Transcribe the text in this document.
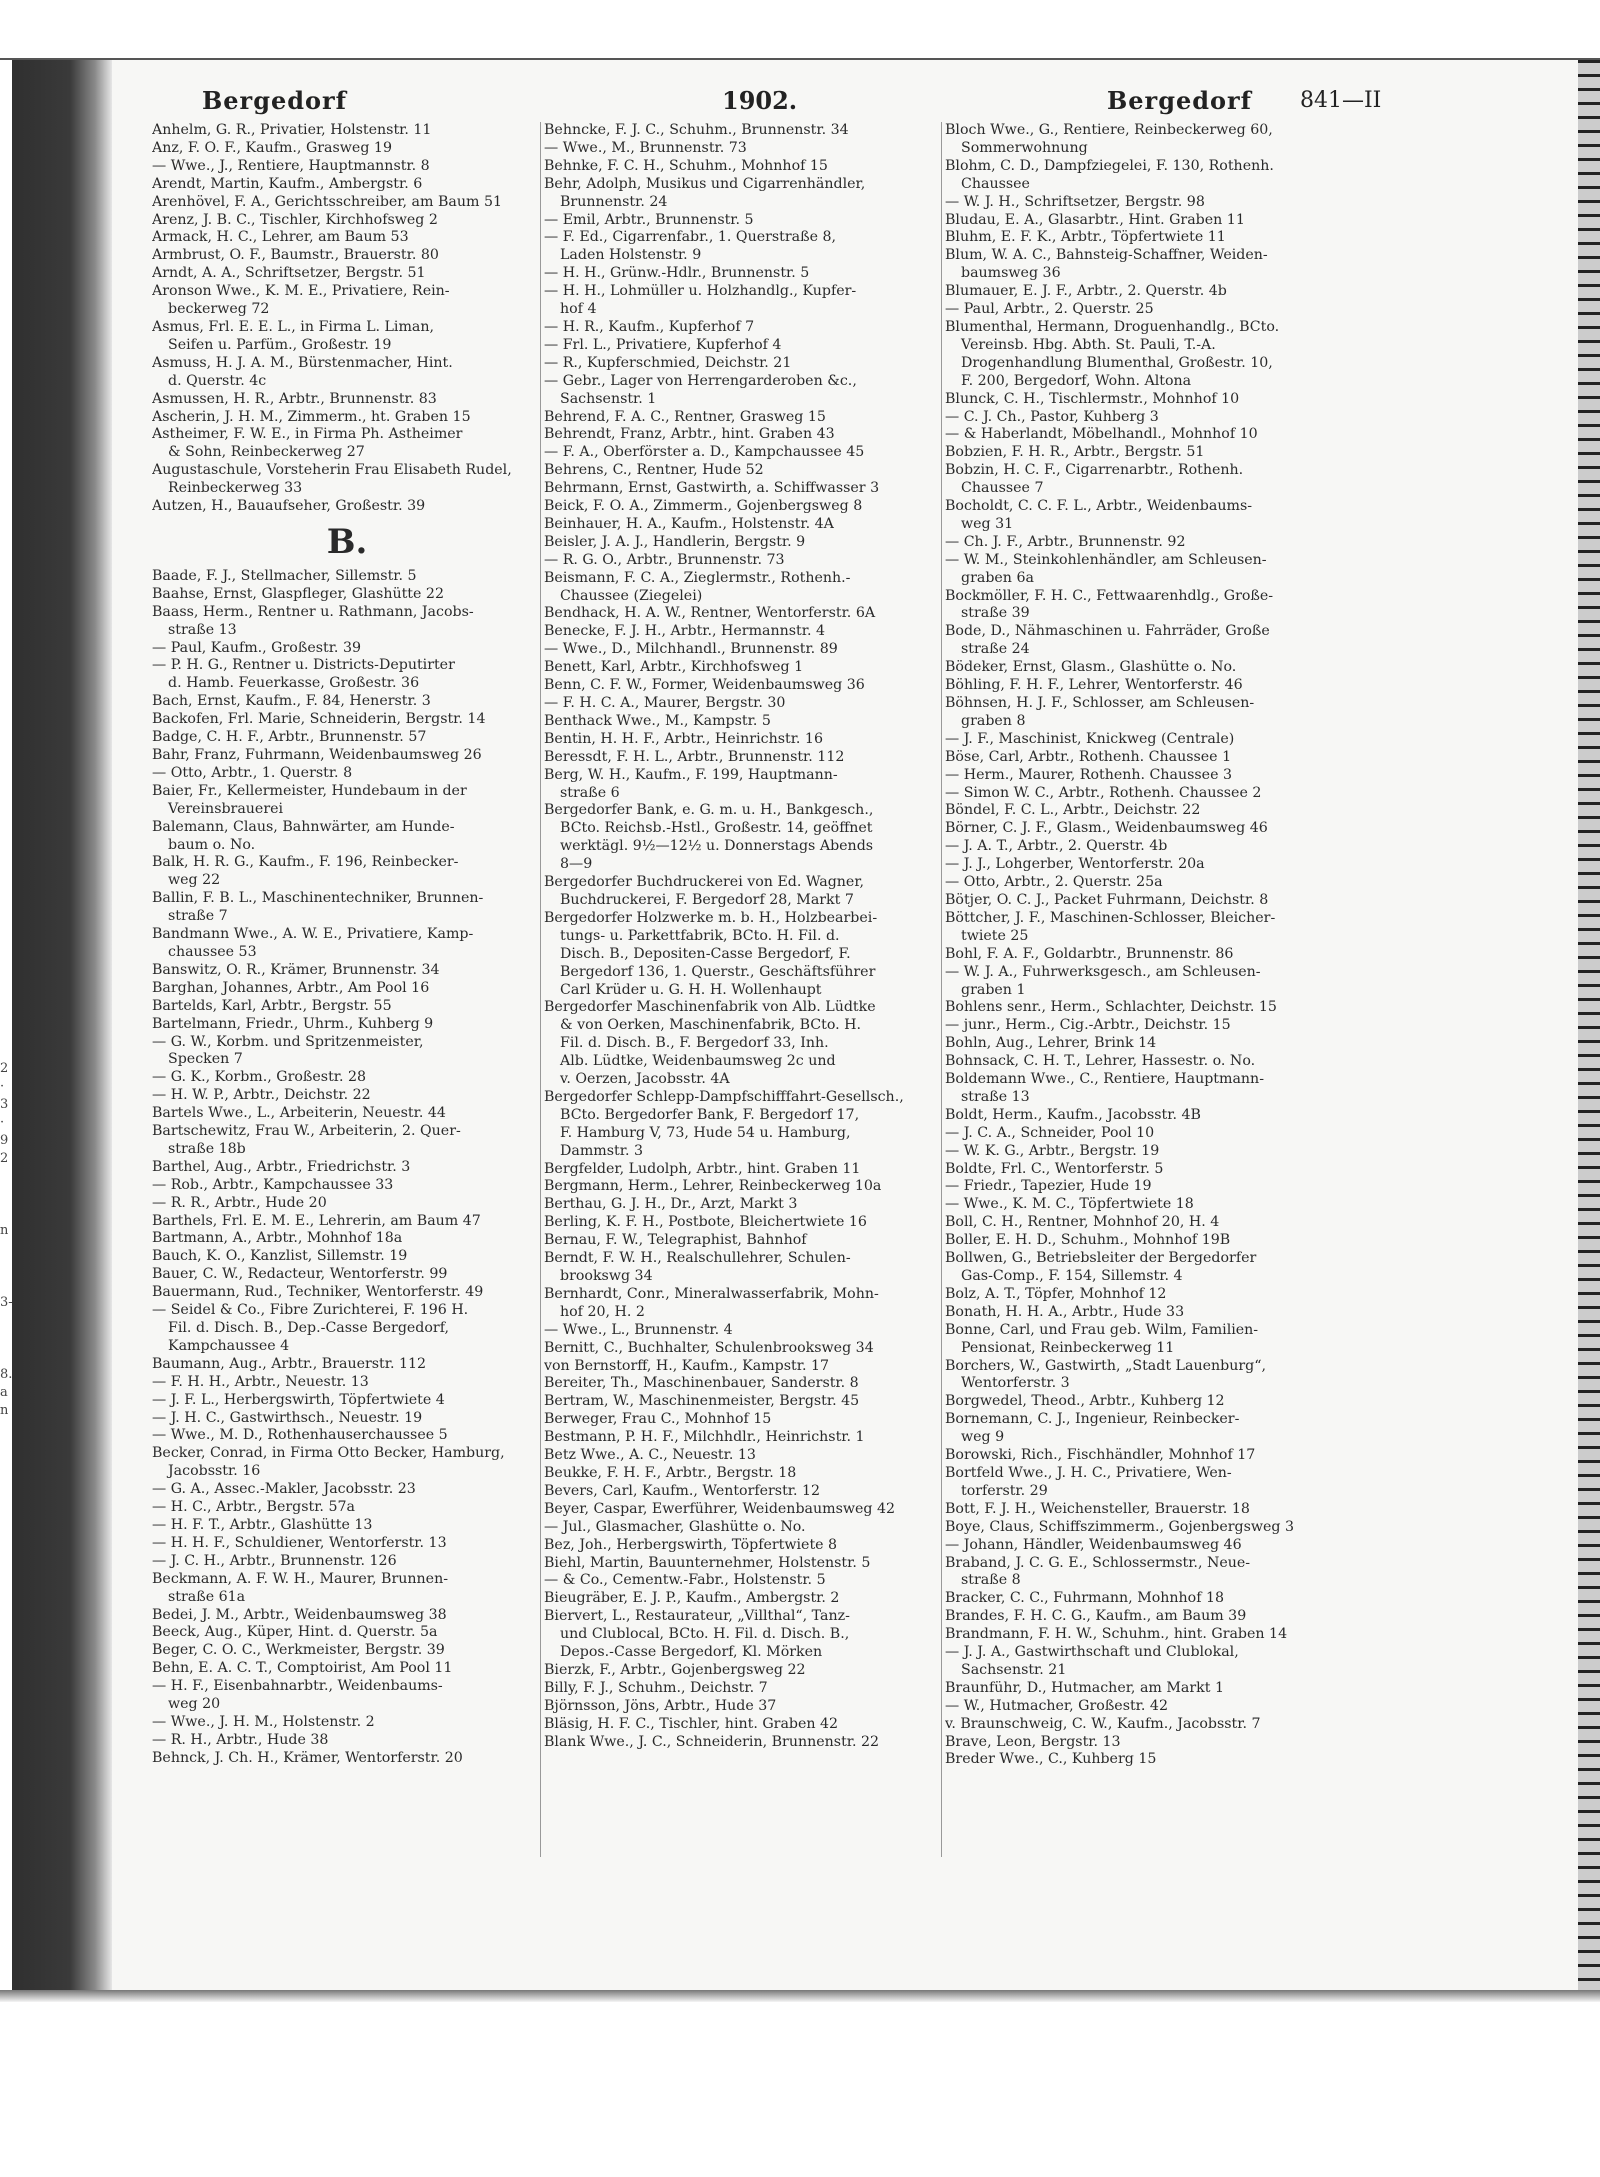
Bergedorf	1902.	Bergedorf 841—II
Anhelm, G. R., Privatier, Holstenstr. 11
Anz, F. O. F., Kaufm., Grasweg 19
— Wwe., J., Rentiere, Hauptmannstr. 8
Arendt, Martin, Kaufm., Ambergstr. 6
Arenhövel, F. A., Gerichtsschreiber, am Baum 51
Arenz, J. B. C., Tischler, Kirchhofsweg 2
Armack, H. C., Lehrer, am Baum 53
Armbrust, O. F., Baumstr., Brauerstr. 80
Arndt, A. A., Schriftsetzer, Bergstr. 51
Aronson Wwe., K. M. E., Privatiere, Rein-
beckerweg 72
Asmus, Frl. E. E. L., in Firma L. Liman,
Seifen u. Parfüm., Großestr. 19
Asmuss, H. J. A. M., Bürstenmacher, Hint.
d. Querstr. 4c
Asmussen, H. R., Arbtr., Brunnenstr. 83
Ascherin, J. H. M., Zimmerm., ht. Graben 15
Astheimer, F. W. E., in Firma Ph. Astheimer
& Sohn, Reinbeckerweg 27
Augustaschule, Vorsteherin Frau Elisabeth Rudel,
Reinbeckerweg 33
Autzen, H., Bauaufseher, Großestr. 39
B.
Baade, F. J., Stellmacher, Sillemstr. 5
Baahse, Ernst, Glaspfleger, Glashütte 22
Baass, Herm., Rentner u. Rathmann, Jacobs-
straße 13
— Paul, Kaufm., Großestr. 39
— P. H. G., Rentner u. Districts-Deputirter
d. Hamb. Feuerkasse, Großestr. 36
Bach, Ernst, Kaufm., F. 84, Henerstr. 3
Backofen, Frl. Marie, Schneiderin, Bergstr. 14
Badge, C. H. F., Arbtr., Brunnenstr. 57
Bahr, Franz, Fuhrmann, Weidenbaumsweg 26
— Otto, Arbtr., 1. Querstr. 8
Baier, Fr., Kellermeister, Hundebaum in der
Vereinsbrauerei
Balemann, Claus, Bahnwärter, am Hunde-
baum o. No.
Balk, H. R. G., Kaufm., F. 196, Reinbecker-
weg 22
Ballin, F. B. L., Maschinentechniker, Brunnen-
straße 7
Bandmann Wwe., A. W. E., Privatiere, Kamp-
chaussee 53
Banswitz, O. R., Krämer, Brunnenstr. 34
Barghan, Johannes, Arbtr., Am Pool 16
Bartelds, Karl, Arbtr., Bergstr. 55
Bartelmann, Friedr., Uhrm., Kuhberg 9
— G. W., Korbm. und Spritzenmeister,
Specken 7
— G. K., Korbm., Großestr. 28
— H. W. P., Arbtr., Deichstr. 22
Bartels Wwe., L., Arbeiterin, Neuestr. 44
Bartschewitz, Frau W., Arbeiterin, 2. Quer-
straße 18b
Barthel, Aug., Arbtr., Friedrichstr. 3
— Rob., Arbtr., Kampchaussee 33
— R. R., Arbtr., Hude 20
Barthels, Frl. E. M. E., Lehrerin, am Baum 47
Bartmann, A., Arbtr., Mohnhof 18a
Bauch, K. O., Kanzlist, Sillemstr. 19
Bauer, C. W., Redacteur, Wentorferstr. 99
Bauermann, Rud., Techniker, Wentorferstr. 49
— Seidel & Co., Fibre Zurichterei, F. 196 H.
Fil. d. Disch. B., Dep.-Casse Bergedorf,
Kampchaussee 4
Baumann, Aug., Arbtr., Brauerstr. 112
— F. H. H., Arbtr., Neuestr. 13
— J. F. L., Herbergswirth, Töpfertwiete 4
— J. H. C., Gastwirthsch., Neuestr. 19
— Wwe., M. D., Rothenhauserchaussee 5
Becker, Conrad, in Firma Otto Becker, Hamburg,
Jacobsstr. 16
— G. A., Assec.-Makler, Jacobsstr. 23
— H. C., Arbtr., Bergstr. 57a
— H. F. T., Arbtr., Glashütte 13
— H. H. F., Schuldiener, Wentorferstr. 13
— J. C. H., Arbtr., Brunnenstr. 126
Beckmann, A. F. W. H., Maurer, Brunnen-
straße 61a
Bedei, J. M., Arbtr., Weidenbaumsweg 38
Beeck, Aug., Küper, Hint. d. Querstr. 5a
Beger, C. O. C., Werkmeister, Bergstr. 39
Behn, E. A. C. T., Comptoirist, Am Pool 11
— H. F., Eisenbahnarbtr., Weidenbaums-
weg 20
— Wwe., J. H. M., Holstenstr. 2
— R. H., Arbtr., Hude 38
Behnck, J. Ch. H., Krämer, Wentorferstr. 20
Behncke, F. J. C., Schuhm., Brunnenstr. 34
— Wwe., M., Brunnenstr. 73
Behnke, F. C. H., Schuhm., Mohnhof 15
Behr, Adolph, Musikus und Cigarrenhändler,
Brunnenstr. 24
— Emil, Arbtr., Brunnenstr. 5
— F. Ed., Cigarrenfabr., 1. Querstraße 8,
Laden Holstenstr. 9
— H. H., Grünw.-Hdlr., Brunnenstr. 5
— H. H., Lohmüller u. Holzhandlg., Kupfer-
hof 4
— H. R., Kaufm., Kupferhof 7
— Frl. L., Privatiere, Kupferhof 4
— R., Kupferschmied, Deichstr. 21
— Gebr., Lager von Herrengarderoben &c.,
Sachsenstr. 1
Behrend, F. A. C., Rentner, Grasweg 15
Behrendt, Franz, Arbtr., hint. Graben 43
— F. A., Oberförster a. D., Kampchaussee 45
Behrens, C., Rentner, Hude 52
Behrmann, Ernst, Gastwirth, a. Schiffwasser 3
Beick, F. O. A., Zimmerm., Gojenbergsweg 8
Beinhauer, H. A., Kaufm., Holstenstr. 4A
Beisler, J. A. J., Handlerin, Bergstr. 9
— R. G. O., Arbtr., Brunnenstr. 73
Beismann, F. C. A., Zieglermstr., Rothenh.-
Chaussee (Ziegelei)
Bendhack, H. A. W., Rentner, Wentorferstr. 6A
Benecke, F. J. H., Arbtr., Hermannstr. 4
— Wwe., D., Milchhandl., Brunnenstr. 89
Benett, Karl, Arbtr., Kirchhofsweg 1
Benn, C. F. W., Former, Weidenbaumsweg 36
— F. H. C. A., Maurer, Bergstr. 30
Benthack Wwe., M., Kampstr. 5
Bentin, H. H. F., Arbtr., Heinrichstr. 16
Beressdt, F. H. L., Arbtr., Brunnenstr. 112
Berg, W. H., Kaufm., F. 199, Hauptmann-
straße 6
Bergedorfer Bank, e. G. m. u. H., Bankgesch.,
BCto. Reichsb.-Hstl., Großestr. 14, geöffnet
werktägl. 9½—12½ u. Donnerstags Abends
8—9
Bergedorfer Buchdruckerei von Ed. Wagner,
Buchdruckerei, F. Bergedorf 28, Markt 7
Bergedorfer Holzwerke m. b. H., Holzbearbei-
tungs- u. Parkettfabrik, BCto. H. Fil. d.
Disch. B., Depositen-Casse Bergedorf, F.
Bergedorf 136, 1. Querstr., Geschäftsführer
Carl Krüder u. G. H. H. Wollenhaupt
Bergedorfer Maschinenfabrik von Alb. Lüdtke
& von Oerken, Maschinenfabrik, BCto. H.
Fil. d. Disch. B., F. Bergedorf 33, Inh.
Alb. Lüdtke, Weidenbaumsweg 2c und
v. Oerzen, Jacobsstr. 4A
Bergedorfer Schlepp-Dampfschifffahrt-Gesellsch.,
BCto. Bergedorfer Bank, F. Bergedorf 17,
F. Hamburg V, 73, Hude 54 u. Hamburg,
Dammstr. 3
Bergfelder, Ludolph, Arbtr., hint. Graben 11
Bergmann, Herm., Lehrer, Reinbeckerweg 10a
Berthau, G. J. H., Dr., Arzt, Markt 3
Berling, K. F. H., Postbote, Bleichertwiete 16
Bernau, F. W., Telegraphist, Bahnhof
Berndt, F. W. H., Realschullehrer, Schulen-
brookswg 34
Bernhardt, Conr., Mineralwasserfabrik, Mohn-
hof 20, H. 2
— Wwe., L., Brunnenstr. 4
Bernitt, C., Buchhalter, Schulenbrooksweg 34
von Bernstorff, H., Kaufm., Kampstr. 17
Bereiter, Th., Maschinenbauer, Sanderstr. 8
Bertram, W., Maschinenmeister, Bergstr. 45
Berweger, Frau C., Mohnhof 15
Bestmann, P. H. F., Milchhdlr., Heinrichstr. 1
Betz Wwe., A. C., Neuestr. 13
Beukke, F. H. F., Arbtr., Bergstr. 18
Bevers, Carl, Kaufm., Wentorferstr. 12
Beyer, Caspar, Ewerführer, Weidenbaumsweg 42
— Jul., Glasmacher, Glashütte o. No.
Bez, Joh., Herbergswirth, Töpfertwiete 8
Biehl, Martin, Bauunternehmer, Holstenstr. 5
— & Co., Cementw.-Fabr., Holstenstr. 5
Bieugräber, E. J. P., Kaufm., Ambergstr. 2
Biervert, L., Restaurateur, „Villthal“, Tanz-
und Clublocal, BCto. H. Fil. d. Disch. B.,
Depos.-Casse Bergedorf, Kl. Mörken
Bierzk, F., Arbtr., Gojenbergsweg 22
Billy, F. J., Schuhm., Deichstr. 7
Björnsson, Jöns, Arbtr., Hude 37
Bläsig, H. F. C., Tischler, hint. Graben 42
Blank Wwe., J. C., Schneiderin, Brunnenstr. 22
Bloch Wwe., G., Rentiere, Reinbeckerweg 60,
Sommerwohnung
Blohm, C. D., Dampfziegelei, F. 130, Rothenh.
Chaussee
— W. J. H., Schriftsetzer, Bergstr. 98
Bludau, E. A., Glasarbtr., Hint. Graben 11
Bluhm, E. F. K., Arbtr., Töpfertwiete 11
Blum, W. A. C., Bahnsteig-Schaffner, Weiden-
baumsweg 36
Blumauer, E. J. F., Arbtr., 2. Querstr. 4b
— Paul, Arbtr., 2. Querstr. 25
Blumenthal, Hermann, Droguenhandlg., BCto.
Vereinsb. Hbg. Abth. St. Pauli, T.-A.
Drogenhandlung Blumenthal, Großestr. 10,
F. 200, Bergedorf, Wohn. Altona
Blunck, C. H., Tischlermstr., Mohnhof 10
— C. J. Ch., Pastor, Kuhberg 3
— & Haberlandt, Möbelhandl., Mohnhof 10
Bobzien, F. H. R., Arbtr., Bergstr. 51
Bobzin, H. C. F., Cigarrenarbtr., Rothenh.
Chaussee 7
Bocholdt, C. C. F. L., Arbtr., Weidenbaums-
weg 31
— Ch. J. F., Arbtr., Brunnenstr. 92
— W. M., Steinkohlenhändler, am Schleusen-
graben 6a
Bockmöller, F. H. C., Fettwaarenhdlg., Große-
straße 39
Bode, D., Nähmaschinen u. Fahrräder, Große
straße 24
Bödeker, Ernst, Glasm., Glashütte o. No.
Böhling, F. H. F., Lehrer, Wentorferstr. 46
Böhnsen, H. J. F., Schlosser, am Schleusen-
graben 8
— J. F., Maschinist, Knickweg (Centrale)
Böse, Carl, Arbtr., Rothenh. Chaussee 1
— Herm., Maurer, Rothenh. Chaussee 3
— Simon W. C., Arbtr., Rothenh. Chaussee 2
Böndel, F. C. L., Arbtr., Deichstr. 22
Börner, C. J. F., Glasm., Weidenbaumsweg 46
— J. A. T., Arbtr., 2. Querstr. 4b
— J. J., Lohgerber, Wentorferstr. 20a
— Otto, Arbtr., 2. Querstr. 25a
Bötjer, O. C. J., Packet Fuhrmann, Deichstr. 8
Böttcher, J. F., Maschinen-Schlosser, Bleicher-
twiete 25
Bohl, F. A. F., Goldarbtr., Brunnenstr. 86
— W. J. A., Fuhrwerksgesch., am Schleusen-
graben 1
Bohlens senr., Herm., Schlachter, Deichstr. 15
— junr., Herm., Cig.-Arbtr., Deichstr. 15
Bohln, Aug., Lehrer, Brink 14
Bohnsack, C. H. T., Lehrer, Hassestr. o. No.
Boldemann Wwe., C., Rentiere, Hauptmann-
straße 13
Boldt, Herm., Kaufm., Jacobsstr. 4B
— J. C. A., Schneider, Pool 10
— W. K. G., Arbtr., Bergstr. 19
Boldte, Frl. C., Wentorferstr. 5
— Friedr., Tapezier, Hude 19
— Wwe., K. M. C., Töpfertwiete 18
Boll, C. H., Rentner, Mohnhof 20, H. 4
Boller, E. H. D., Schuhm., Mohnhof 19B
Bollwen, G., Betriebsleiter der Bergedorfer
Gas-Comp., F. 154, Sillemstr. 4
Bolz, A. T., Töpfer, Mohnhof 12
Bonath, H. H. A., Arbtr., Hude 33
Bonne, Carl, und Frau geb. Wilm, Familien-
Pensionat, Reinbeckerweg 11
Borchers, W., Gastwirth, „Stadt Lauenburg“,
Wentorferstr. 3
Borgwedel, Theod., Arbtr., Kuhberg 12
Bornemann, C. J., Ingenieur, Reinbecker-
weg 9
Borowski, Rich., Fischhändler, Mohnhof 17
Bortfeld Wwe., J. H. C., Privatiere, Wen-
torferstr. 29
Bott, F. J. H., Weichensteller, Brauerstr. 18
Boye, Claus, Schiffszimmerm., Gojenbergsweg 3
— Johann, Händler, Weidenbaumsweg 46
Braband, J. C. G. E., Schlossermstr., Neue-
straße 8
Bracker, C. C., Fuhrmann, Mohnhof 18
Brandes, F. H. C. G., Kaufm., am Baum 39
Brandmann, F. H. W., Schuhm., hint. Graben 14
— J. J. A., Gastwirthschaft und Clublokal,
Sachsenstr. 21
Braunführ, D., Hutmacher, am Markt 1
— W., Hutmacher, Großestr. 42
v. Braunschweig, C. W., Kaufm., Jacobsstr. 7
Brave, Leon, Bergstr. 13
Breder Wwe., C., Kuhberg 15
2
·
3
·
9
2
n
3-
8.
a
n
